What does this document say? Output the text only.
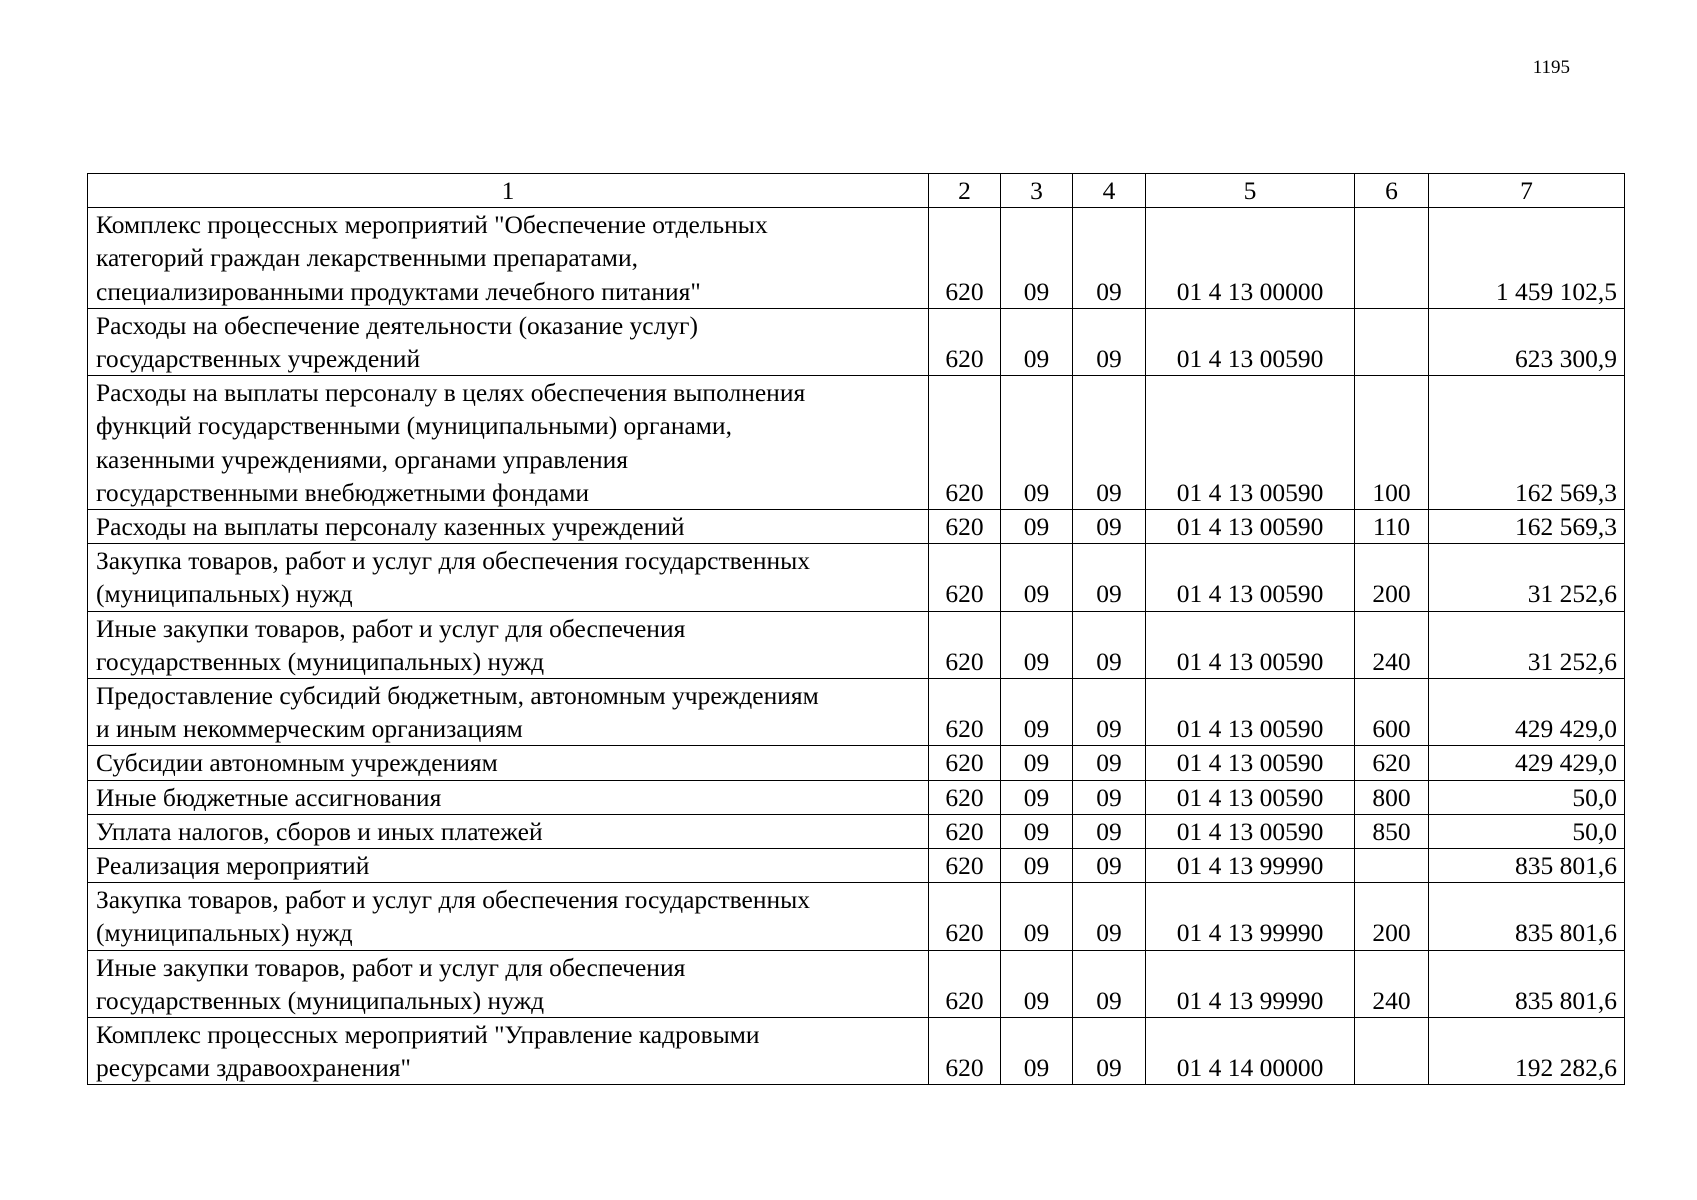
1195
1	2	3	4	5	6	7

Комплекс процессных мероприятий "Обеспечение отдельных
категорий граждан лекарственными препаратами,
специализированными продуктами лечебного питания"	620	09	09	01 4 13 00000		1 459 102,5

Расходы на обеспечение деятельности (оказание услуг)
государственных учреждений	620	09	09	01 4 13 00590		623 300,9

Расходы на выплаты персоналу в целях обеспечения выполнения
функций государственными (муниципальными) органами,
казенными учреждениями, органами управления
государственными внебюджетными фондами	620	09	09	01 4 13 00590	100	162 569,3

Расходы на выплаты персоналу казенных учреждений	620	09	09	01 4 13 00590	110	162 569,3

Закупка товаров, работ и услуг для обеспечения государственных
(муниципальных) нужд	620	09	09	01 4 13 00590	200	31 252,6

Иные закупки товаров, работ и услуг для обеспечения
государственных (муниципальных) нужд	620	09	09	01 4 13 00590	240	31 252,6

Предоставление субсидий бюджетным, автономным учреждениям
и иным некоммерческим организациям	620	09	09	01 4 13 00590	600	429 429,0

Субсидии автономным учреждениям	620	09	09	01 4 13 00590	620	429 429,0

Иные бюджетные ассигнования	620	09	09	01 4 13 00590	800	50,0

Уплата налогов, сборов и иных платежей	620	09	09	01 4 13 00590	850	50,0

Реализация мероприятий	620	09	09	01 4 13 99990		835 801,6

Закупка товаров, работ и услуг для обеспечения государственных
(муниципальных) нужд	620	09	09	01 4 13 99990	200	835 801,6

Иные закупки товаров, работ и услуг для обеспечения
государственных (муниципальных) нужд	620	09	09	01 4 13 99990	240	835 801,6

Комплекс процессных мероприятий "Управление кадровыми
ресурсами здравоохранения"	620	09	09	01 4 14 00000		192 282,6
